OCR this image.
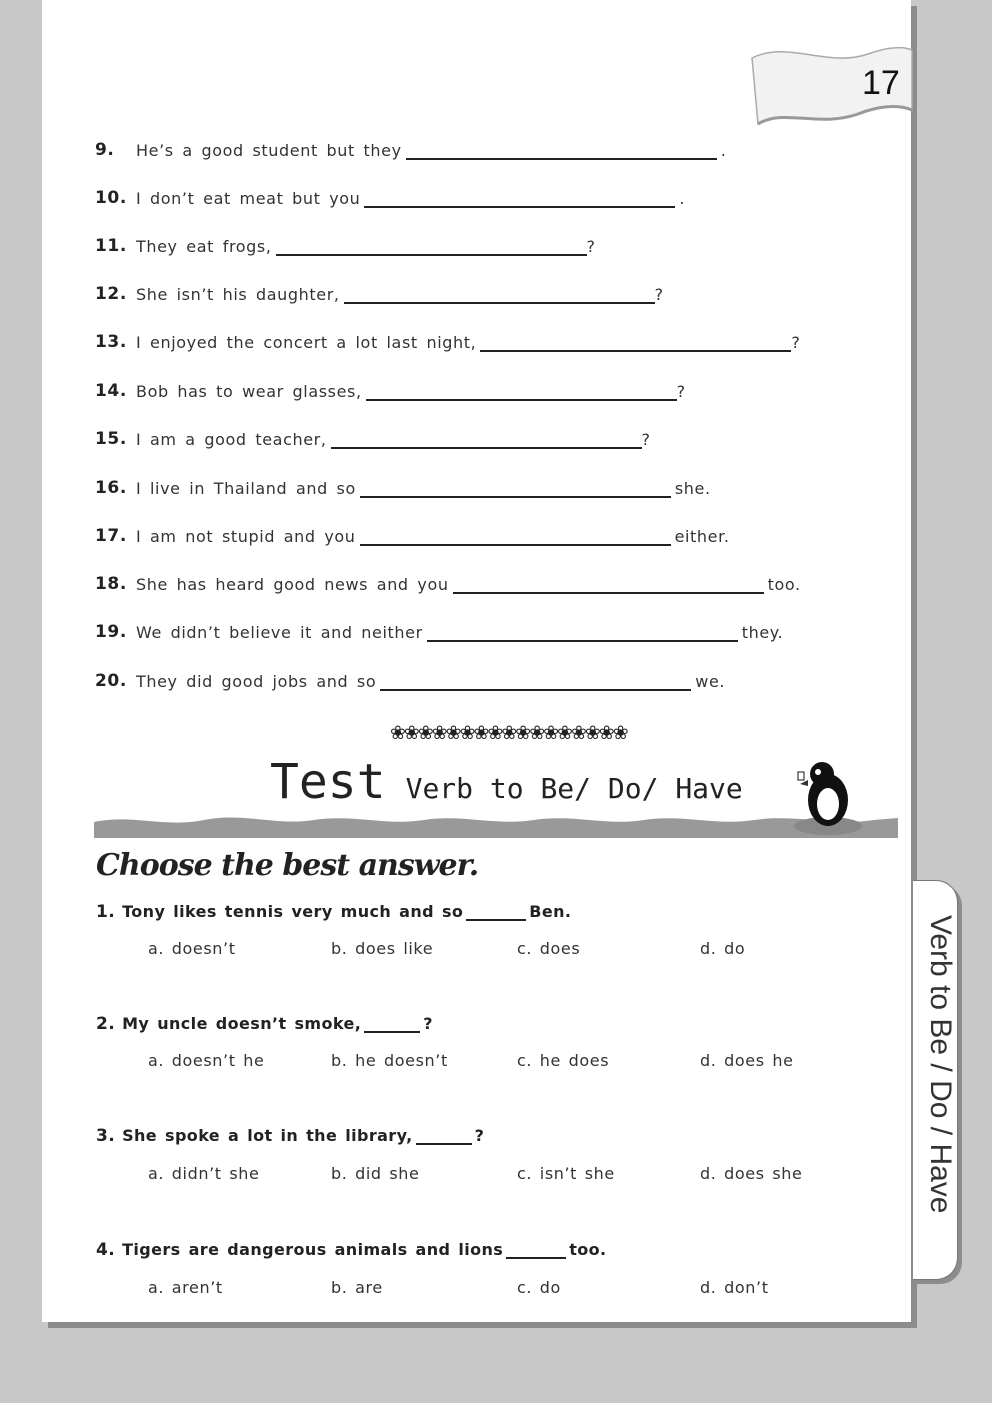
17
Verb to Be / Do / Have
9. He’s a good student but they	.
10. I don’t eat meat but you	.
11. They eat frogs,	?
12. She isn’t his daughter,	?
13. I enjoyed the concert a lot last night,	?
14. Bob has to wear glasses,	?
15. I am a good teacher,	?
16. I live in Thailand and so	she.
17. I am not stupid and you	either.
18. She has heard good news and you	too.
19. We didn’t believe it and neither	they.
20. They did good jobs and so	we.
❀❀❀❀❀❀❀❀❀❀❀❀❀❀❀❀❀
Test Verb to Be/ Do/ Have
Choose the best answer.
1. Tony likes tennis very much and so	Ben.
a. doesn’t	b. does like	c. does	d. do
2. My uncle doesn’t smoke,	?
a. doesn’t he	b. he doesn’t	c. he does	d. does he
3. She spoke a lot in the library,	?
a. didn’t she	b. did she	c. isn’t she	d. does she
4. Tigers are dangerous animals and lions	too.
a. aren’t	b. are	c. do	d. don’t
